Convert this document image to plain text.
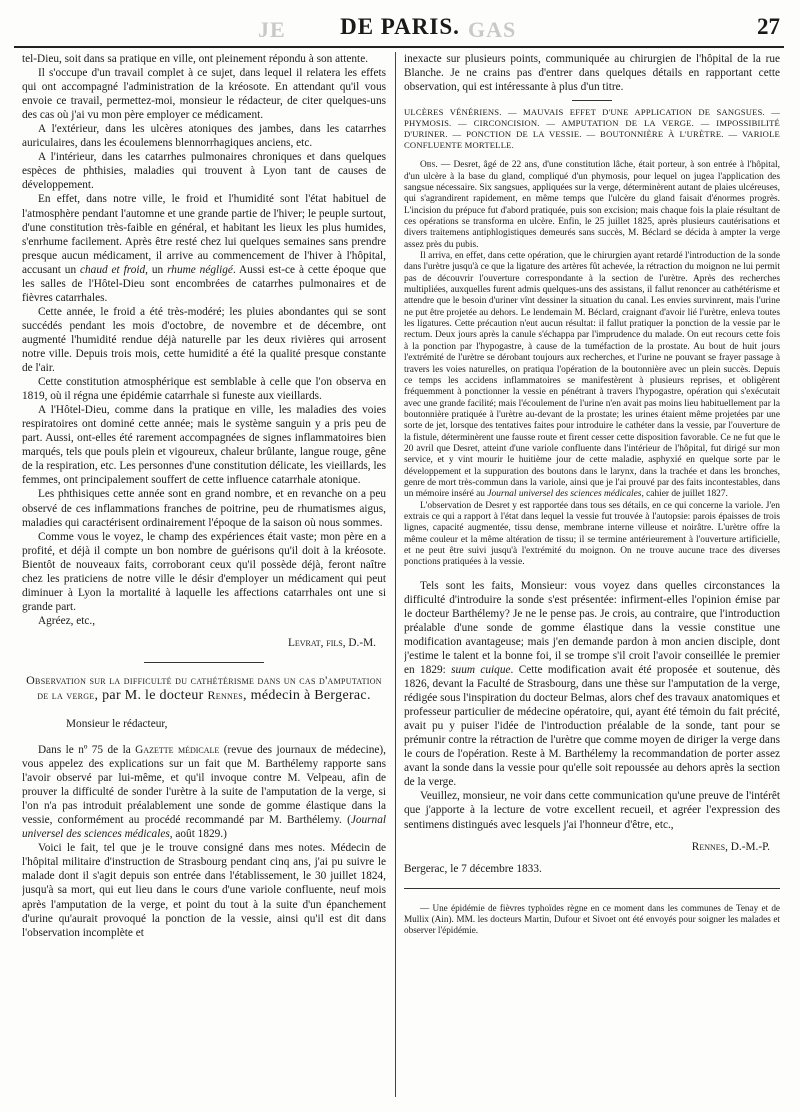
JE	DE PARIS. GAS	27

tel-Dieu, soit dans sa pratique en ville, ont pleinement répondu à son attente.

Il s'occupe d'un travail complet à ce sujet, dans lequel il relatera les effets qui ont accompagné l'administration de la kréosote. En attendant qu'il vous envoie ce travail, permettez-moi, monsieur le rédacteur, de citer quelques-uns des cas où j'ai vu mon père employer ce médicament.

A l'extérieur, dans les ulcères atoniques des jambes, dans les catarrhes auriculaires, dans les écoulemens blennorrhagiques anciens, etc.

A l'intérieur, dans les catarrhes pulmonaires chroniques et dans quelques espèces de phthisies, maladies qui trouvent à Lyon tant de causes de développement.

En effet, dans notre ville, le froid et l'humidité sont l'état habituel de l'atmosphère pendant l'automne et une grande partie de l'hiver; le peuple surtout, d'une constitution très-faible en général, et habitant les lieux les plus humides, s'enrhume facilement. Après être resté chez lui quelques semaines sans prendre presque aucun médicament, il arrive au commencement de l'hiver à l'hôpital, accusant un chaud et froid, un rhume négligé. Aussi est-ce à cette époque que les salles de l'Hôtel-Dieu sont encombrées de catarrhes pulmonaires et de fièvres catarrhales.

Cette année, le froid a été très-modéré; les pluies abondantes qui se sont succédés pendant les mois d'octobre, de novembre et de décembre, ont augmenté l'humidité rendue déjà naturelle par les deux rivières qui arrosent notre ville. Depuis trois mois, cette humidité a été la qualité presque constante de l'air.

Cette constitution atmosphérique est semblable à celle que l'on observa en 1819, où il régna une épidémie catarrhale si funeste aux vieillards.

A l'Hôtel-Dieu, comme dans la pratique en ville, les maladies des voies respiratoires ont dominé cette année; mais le système sanguin y a pris peu de part. Aussi, ont-elles été rarement accompagnées de signes inflammatoires bien marqués, tels que pouls plein et vigoureux, chaleur brûlante, langue rouge, gêne de la respiration, etc. Les personnes d'une constitution délicate, les vieillards, les femmes, ont principalement souffert de cette influence catarrhale atonique.

Les phthisiques cette année sont en grand nombre, et en revanche on a peu observé de ces inflammations franches de poitrine, peu de rhumatismes aigus, maladies qui caractérisent ordinairement l'époque de la saison où nous sommes.

Comme vous le voyez, le champ des expériences était vaste; mon père en a profité, et déjà il compte un bon nombre de guérisons qu'il doit à la kréosote. Bientôt de nouveaux faits, corroborant ceux qu'il possède déjà, feront naître chez les praticiens de notre ville le désir d'employer un médicament qui peut diminuer à Lyon la mortalité à laquelle les affections catarrhales ont une si grande part.

Agréez, etc.,

Levrat, fils, D.-M.
Observation sur la difficulté du cathétérisme dans un cas d'amputation de la verge, par M. le docteur Rennes, médecin à Bergerac.

Monsieur le rédacteur,

Dans le nº 75 de la Gazette médicale (revue des journaux de médecine), vous appelez des explications sur un fait que M. Barthélemy rapporte sans l'avoir observé par lui-même, et qu'il invoque contre M. Velpeau, afin de prouver la difficulté de sonder l'urètre à la suite de l'amputation de la verge, si l'on n'a pas introduit préalablement une sonde de gomme élastique dans la vessie, conformément au procédé recommandé par M. Barthélemy. (Journal universel des sciences médicales, août 1829.)

Voici le fait, tel que je le trouve consigné dans mes notes. Médecin de l'hôpital militaire d'instruction de Strasbourg pendant cinq ans, j'ai pu suivre le malade dont il s'agit depuis son entrée dans l'établissement, le 30 juillet 1824, jusqu'à sa mort, qui eut lieu dans le cours d'une variole confluente, neuf mois après l'amputation de la verge, et point du tout à la suite d'un épanchement d'urine qu'aurait provoqué la ponction de la vessie, ainsi qu'il est dit dans l'observation incomplète et

inexacte sur plusieurs points, communiquée au chirurgien de l'hôpital de la rue Blanche. Je ne crains pas d'entrer dans quelques détails en rapportant cette observation, qui est intéressante à plus d'un titre.

ULCÈRES VÉNÉRIENS. — MAUVAIS EFFET D'UNE APPLICATION DE SANGSUES. — PHYMOSIS. — CIRCONCISION. — AMPUTATION DE LA VERGE. — IMPOSSIBILITÉ D'URINER. — PONCTION DE LA VESSIE. — BOUTONNIÈRE À L'URÈTRE. — VARIOLE CONFLUENTE MORTELLE.

Obs. — Desret, âgé de 22 ans, d'une constitution lâche, était porteur, à son entrée à l'hôpital, d'un ulcère à la base du gland, compliqué d'un phymosis, pour lequel on jugea l'application des sangsue nécessaire. Six sangsues, appliquées sur la verge, déterminèrent autant de plaies ulcéreuses, qui s'agrandirent rapidement, en même temps que l'ulcère du gland faisait d'énormes progrès. L'incision du prépuce fut d'abord pratiquée, puis son excision; mais chaque fois la plaie résultant de ces opérations se transforma en ulcère. Enfin, le 25 juillet 1825, après plusieurs cautérisations et divers traitemens antiphlogistiques demeurés sans succès, M. Béclard se décida à ampter la verge assez près du pubis.

Il arriva, en effet, dans cette opération, que le chirurgien ayant retardé l'introduction de la sonde dans l'urètre jusqu'à ce que la ligature des artères fût achevée, la rétraction du moignon ne lui permit pas de découvrir l'ouverture correspondante à la section de l'urètre. Après des recherches multipliées, auxquelles furent admis quelques-uns des assistans, il fallut renoncer au cathétérisme et attendre que le besoin d'uriner vînt dessiner la situation du canal. Les envies survinrent, mais l'urine ne put être projetée au dehors. Le lendemain M. Béclard, craignant d'avoir lié l'urètre, enleva toutes les ligatures. Cette précaution n'eut aucun résultat: il fallut pratiquer la ponction de la vessie par le rectum. Deux jours après la canule s'échappa par l'imprudence du malade. On eut recours cette fois à la ponction par l'hypogastre, à cause de la tuméfaction de la prostate. Au bout de huit jours l'extrémité de l'urètre se dérobant toujours aux recherches, et l'urine ne pouvant se frayer passage à travers les voies naturelles, on pratiqua l'opération de la boutonnière avec un plein succès. Depuis ce temps les accidens inflammatoires se manifestèrent à plusieurs reprises, et obligèrent fréquemment à ponctionner la vessie en pénétrant à travers l'hypogastre, opération qui s'exécutait avec une grande facilité; mais l'écoulement de l'urine n'en avait pas moins lieu habituellement par la boutonnière pratiquée à l'urètre au-devant de la prostate; les urines étaient même projetées par une sorte de jet, lorsque des tentatives faites pour introduire le cathéter dans la vessie, par l'ouverture de la fistule, déterminèrent une fausse route et firent cesser cette disposition favorable. Ce ne fut que le 20 avril que Desret, atteint d'une variole confluente dans l'intérieur de l'hôpital, fut dirigé sur mon service, et y vint mourir le huitième jour de cette maladie, asphyxié en quelque sorte par le développement et la suppuration des boutons dans le larynx, dans la trachée et dans les bronches, genre de mort très-commun dans la variole, ainsi que je l'ai prouvé par des faits incontestables, dans un mémoire inséré au Journal universel des sciences médicales, cahier de juillet 1827.

L'observation de Desret y est rapportée dans tous ses détails, en ce qui concerne la variole. J'en extrais ce qui a rapport à l'état dans lequel la vessie fut trouvée à l'autopsie: parois épaisses de trois lignes, capacité augmentée, tissu dense, membrane interne villeuse et noirâtre. L'urètre offre la même couleur et la même altération de tissu; il se termine antérieurement à l'ouverture artificielle, et ne peut être suivi jusqu'à l'extrémité du moignon. On ne trouve aucune trace des diverses ponctions pratiquées à la vessie.

Tels sont les faits, Monsieur: vous voyez dans quelles circonstances la difficulté d'introduire la sonde s'est présentée: infirment-elles l'opinion émise par le docteur Barthélemy? Je ne le pense pas. Je crois, au contraire, que l'introduction préalable d'une sonde de gomme élastique dans la vessie constitue une modification avantageuse; mais j'en demande pardon à mon ancien disciple, dont j'estime le talent et la bonne foi, il se trompe s'il croit l'avoir conseillée le premier en 1829: suum cuique. Cette modification avait été proposée et soutenue, dès 1826, devant la Faculté de Strasbourg, dans une thèse sur l'amputation de la verge, rédigée sous l'inspiration du docteur Belmas, alors chef des travaux anatomiques et professeur particulier de médecine opératoire, qui, ayant été témoin du fait précité, avait pu y puiser l'idée de l'introduction préalable de la sonde, tant pour se prémunir contre la rétraction de l'urètre que comme moyen de diriger la verge dans le cours de l'opération. Reste à M. Barthélemy la recommandation de porter assez avant la sonde dans la vessie pour qu'elle soit repoussée au dehors après la section de la verge.

Veuillez, monsieur, ne voir dans cette communication qu'une preuve de l'intérêt que j'apporte à la lecture de votre excellent recueil, et agréer l'expression des sentimens distingués avec lesquels j'ai l'honneur d'être, etc.,

Rennes, D.-M.-P.
Bergerac, le 7 décembre 1833.

— Une épidémie de fièvres typhoïdes règne en ce moment dans les communes de Tenay et de Mullix (Ain). MM. les docteurs Martin, Dufour et Sivoet ont été envoyés pour soigner les malades et observer l'épidémie.
